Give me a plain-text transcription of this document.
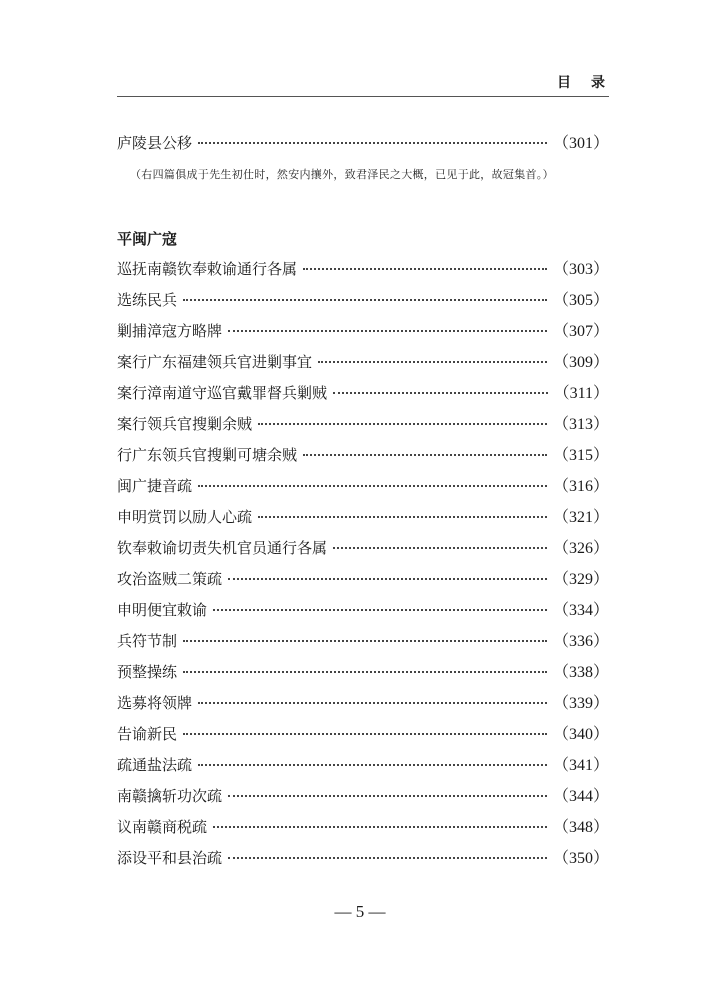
目录
庐陵县公移	（301）
（右四篇俱成于先生初仕时，然安内攘外，致君泽民之大概，已见于此，故冠集首。）
平闽广寇
巡抚南赣钦奉敕谕通行各属	（303）
选练民兵	（305）
剿捕漳寇方略牌	（307）
案行广东福建领兵官进剿事宜	（309）
案行漳南道守巡官戴罪督兵剿贼	（311）
案行领兵官搜剿余贼	（313）
行广东领兵官搜剿可塘余贼	（315）
闽广捷音疏	（316）
申明赏罚以励人心疏	（321）
钦奉敕谕切责失机官员通行各属	（326）
攻治盗贼二策疏	（329）
申明便宜敕谕	（334）
兵符节制	（336）
预整操练	（338）
选募将领牌	（339）
告谕新民	（340）
疏通盐法疏	（341）
南赣擒斩功次疏	（344）
议南赣商税疏	（348）
添设平和县治疏	（350）
— 5 —
